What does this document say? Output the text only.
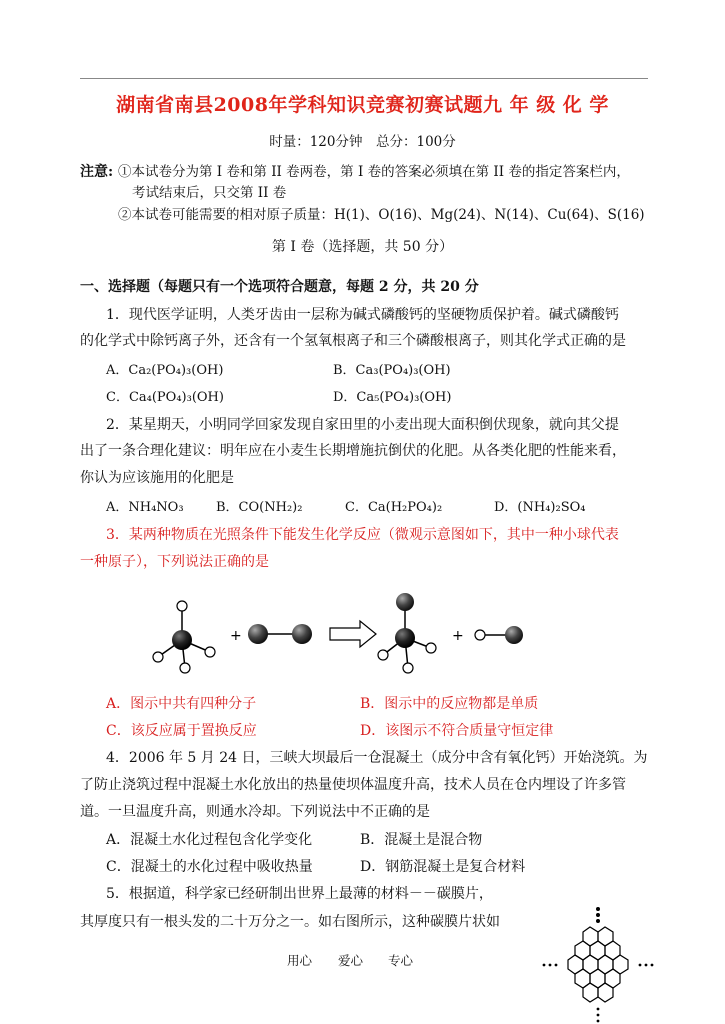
湖南省南县2008年学科知识竞赛初赛试题九 年 级 化 学
时量：120分钟　总分：100分
注意: ①本试卷分为第 I 卷和第 II 卷两卷，第 I 卷的答案必须填在第 II 卷的指定答案栏内，
考试结束后，只交第 II 卷
②本试卷可能需要的相对原子质量：H(1)、O(16)、Mg(24)、N(14)、Cu(64)、S(16)
第 I 卷（选择题，共 50 分）
一、选择题（每题只有一个选项符合题意，每题 2 分，共 20 分
1．现代医学证明，人类牙齿由一层称为碱式磷酸钙的坚硬物质保护着。碱式磷酸钙
的化学式中除钙离子外，还含有一个氢氧根离子和三个磷酸根离子，则其化学式正确的是
A．Ca₂(PO₄)₃(OH)	B．Ca₃(PO₄)₃(OH)
C．Ca₄(PO₄)₃(OH)	D．Ca₅(PO₄)₃(OH)
2．某星期天，小明同学回家发现自家田里的小麦出现大面积倒伏现象，就向其父提
出了一条合理化建议：明年应在小麦生长期增施抗倒伏的化肥。从各类化肥的性能来看，
你认为应该施用的化肥是
A．NH₄NO₃ B．CO(NH₂)₂	C．Ca(H₂PO₄)₂	D．(NH₄)₂SO₄
3．某两种物质在光照条件下能发生化学反应（微观示意图如下，其中一种小球代表
一种原子），下列说法正确的是
+	+
A．图示中共有四种分子	B．图示中的反应物都是单质
C．该反应属于置换反应	D．该图示不符合质量守恒定律
4．2006 年 5 月 24 日，三峡大坝最后一仓混凝土（成分中含有氧化钙）开始浇筑。为
了防止浇筑过程中混凝土水化放出的热量使坝体温度升高，技术人员在仓内埋设了许多管
道。一旦温度升高，则通水冷却。下列说法中不正确的是
A．混凝土水化过程包含化学变化	B．混凝土是混合物
C．混凝土的水化过程中吸收热量	D．钢筋混凝土是复合材料
5．根据道，科学家已经研制出世界上最薄的材料－－碳膜片，
其厚度只有一根头发的二十万分之一。如右图所示，这种碳膜片状如
用心 爱心 专心
